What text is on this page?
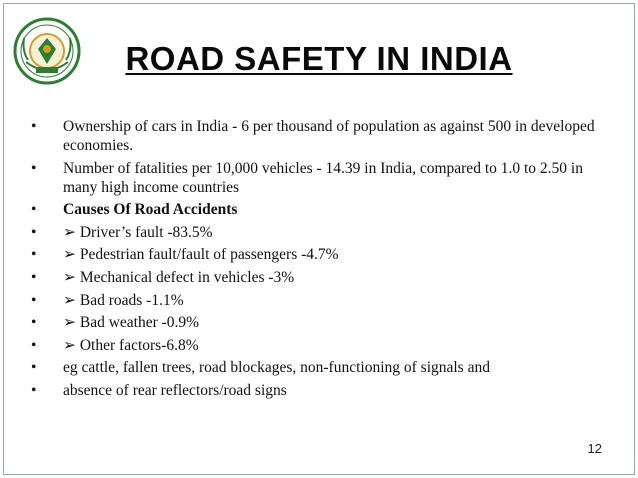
ROAD SAFETY IN INDIA
• Ownership of cars in India - 6 per thousand of population as against 500 in developed economies.
• Number of fatalities per 10,000 vehicles - 14.39 in India, compared to 1.0 to 2.50 in many high income countries
• Causes Of Road Accidents
• ➢ Driver’s fault -83.5%
• ➢ Pedestrian fault/fault of passengers -4.7%
• ➢ Mechanical defect in vehicles -3%
• ➢ Bad roads -1.1%
• ➢ Bad weather -0.9%
• ➢ Other factors-6.8%
• eg cattle, fallen trees, road blockages, non-functioning of signals and
• absence of rear reflectors/road signs
12
